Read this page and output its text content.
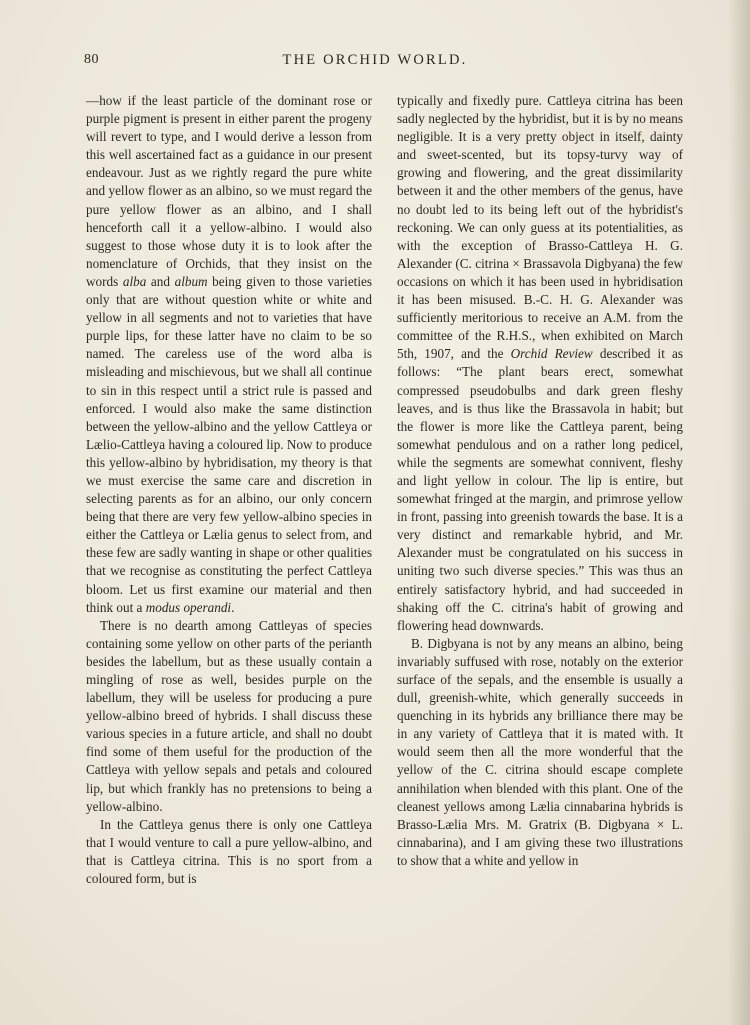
80	THE ORCHID WORLD.

—how if the least particle of the dominant rose or purple pigment is present in either parent the progeny will revert to type, and I would derive a lesson from this well ascertained fact as a guidance in our present endeavour. Just as we rightly regard the pure white and yellow flower as an albino, so we must regard the pure yellow flower as an albino, and I shall henceforth call it a yellow-albino. I would also suggest to those whose duty it is to look after the nomenclature of Orchids, that they insist on the words alba and album being given to those varieties only that are without question white or white and yellow in all segments and not to varieties that have purple lips, for these latter have no claim to be so named. The careless use of the word alba is misleading and mischievous, but we shall all continue to sin in this respect until a strict rule is passed and enforced. I would also make the same distinction between the yellow-albino and the yellow Cattleya or Lælio-Cattleya having a coloured lip. Now to produce this yellow-albino by hybridisation, my theory is that we must exercise the same care and discretion in selecting parents as for an albino, our only concern being that there are very few yellow-albino species in either the Cattleya or Lælia genus to select from, and these few are sadly wanting in shape or other qualities that we recognise as constituting the perfect Cattleya bloom. Let us first examine our material and then think out a modus operandi.

There is no dearth among Cattleyas of species containing some yellow on other parts of the perianth besides the labellum, but as these usually contain a mingling of rose as well, besides purple on the labellum, they will be useless for producing a pure yellow-albino breed of hybrids. I shall discuss these various species in a future article, and shall no doubt find some of them useful for the production of the Cattleya with yellow sepals and petals and coloured lip, but which frankly has no pretensions to being a yellow-albino.

In the Cattleya genus there is only one Cattleya that I would venture to call a pure yellow-albino, and that is Cattleya citrina. This is no sport from a coloured form, but is

typically and fixedly pure. Cattleya citrina has been sadly neglected by the hybridist, but it is by no means negligible. It is a very pretty object in itself, dainty and sweet-scented, but its topsy-turvy way of growing and flowering, and the great dissimilarity between it and the other members of the genus, have no doubt led to its being left out of the hybridist's reckoning. We can only guess at its potentialities, as with the exception of Brasso-Cattleya H. G. Alexander (C. citrina × Brassavola Digbyana) the few occasions on which it has been used in hybridisation it has been misused. B.-C. H. G. Alexander was sufficiently meritorious to receive an A.M. from the committee of the R.H.S., when exhibited on March 5th, 1907, and the Orchid Review described it as follows: “The plant bears erect, somewhat compressed pseudobulbs and dark green fleshy leaves, and is thus like the Brassavola in habit; but the flower is more like the Cattleya parent, being somewhat pendulous and on a rather long pedicel, while the segments are somewhat connivent, fleshy and light yellow in colour. The lip is entire, but somewhat fringed at the margin, and primrose yellow in front, passing into greenish towards the base. It is a very distinct and remarkable hybrid, and Mr. Alexander must be congratulated on his success in uniting two such diverse species.” This was thus an entirely satisfactory hybrid, and had succeeded in shaking off the C. citrina's habit of growing and flowering head downwards.

B. Digbyana is not by any means an albino, being invariably suffused with rose, notably on the exterior surface of the sepals, and the ensemble is usually a dull, greenish-white, which generally succeeds in quenching in its hybrids any brilliance there may be in any variety of Cattleya that it is mated with. It would seem then all the more wonderful that the yellow of the C. citrina should escape complete annihilation when blended with this plant. One of the cleanest yellows among Lælia cinnabarina hybrids is Brasso-Lælia Mrs. M. Gratrix (B. Digbyana × L. cinnabarina), and I am giving these two illustrations to show that a white and yellow in
